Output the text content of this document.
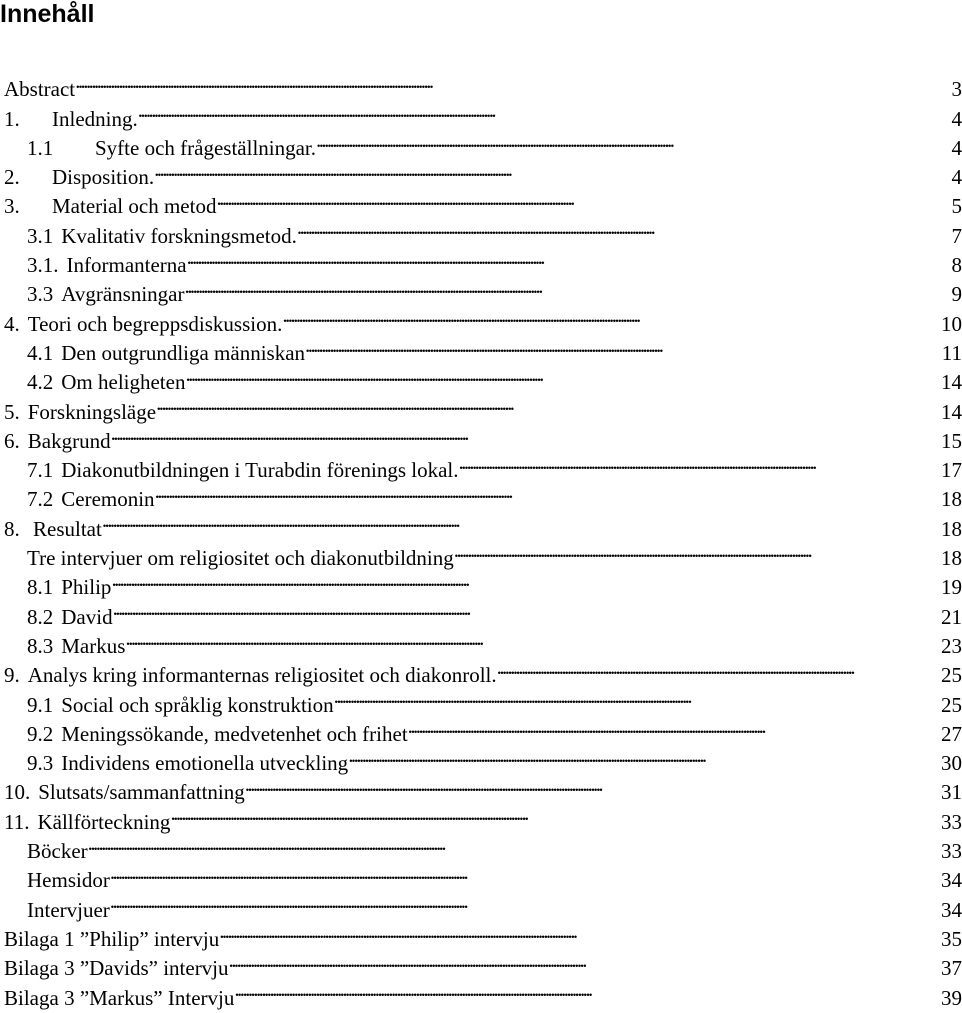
Innehåll
Abstract . . .	3
1.	Inledning. . . .	4
1.1	Syfte och frågeställningar. . . .	4
2.	Disposition. . . .	4
3.	Material och metod . . .	5
3.1 Kvalitativ forskningsmetod. . . .	7
3.1. Informanterna . . .	8
3.3 Avgränsningar . . .	9
4. Teori och begreppsdiskussion. . . .	10
4.1 Den outgrundliga människan . . .	11
4.2 Om heligheten . . .	14
5. Forskningsläge . . .	14
6. Bakgrund . . .	15
7.1 Diakonutbildningen i Turabdin förenings lokal. . . .	17
7.2 Ceremonin . . .	18
8. Resultat . . .	18
Tre intervjuer om religiositet och diakonutbildning . . .	18
8.1 Philip . . .	19
8.2 David . . .	21
8.3 Markus . . .	23
9. Analys kring informanternas religiositet och diakonroll. . . .	25
9.1 Social och språklig konstruktion . . .	25
9.2 Meningssökande, medvetenhet och frihet . . .	27
9.3 Individens emotionella utveckling . . .	30
10. Slutsats/sammanfattning . . .	31
11. Källförteckning . . .	33
Böcker . . .	33
Hemsidor . . .	34
Intervjuer . . .	34
Bilaga 1 ”Philip” intervju . . .	35
Bilaga 3 ”Davids” intervju . . .	37
Bilaga 3 ”Markus” Intervju . . .	39
